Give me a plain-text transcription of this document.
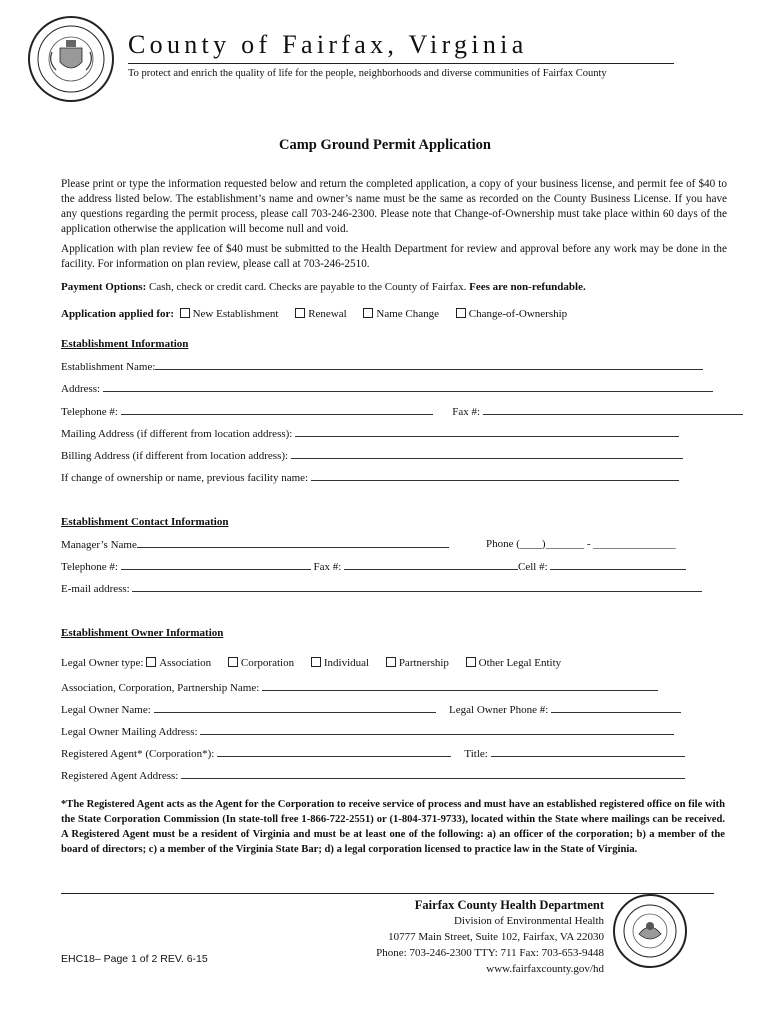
County of Fairfax, Virginia
To protect and enrich the quality of life for the people, neighborhoods and diverse communities of Fairfax County
Camp Ground Permit Application
Please print or type the information requested below and return the completed application, a copy of your business license, and permit fee of $40 to the address listed below. The establishment’s name and owner’s name must be the same as recorded on the County Business License. If you have any questions regarding the permit process, please call 703-246-2300. Please note that Change-of-Ownership must take place within 60 days of the application otherwise the application will become null and void.
Application with plan review fee of $40 must be submitted to the Health Department for review and approval before any work may be done in the facility. For information on plan review, please call at 703-246-2510.
Payment Options: Cash, check or credit card. Checks are payable to the County of Fairfax. Fees are non-refundable.
Application applied for: New Establishment	Renewal	Name Change	Change-of-Ownership
Establishment Information
Establishment Name:
Address:
Telephone #:	Fax #:
Mailing Address (if different from location address):
Billing Address (if different from location address):
If change of ownership or name, previous facility name:
Establishment Contact Information
Manager’s Name	Phone (____)_______ - _______________
Telephone #:	Fax #:	Cell #:
E-mail address:
Establishment Owner Information
Legal Owner type: Association	Corporation	Individual	Partnership	Other Legal Entity
Association, Corporation, Partnership Name:
Legal Owner Name:	Legal Owner Phone #:
Legal Owner Mailing Address:
Registered Agent* (Corporation*):	Title:
Registered Agent Address:
*The Registered Agent acts as the Agent for the Corporation to receive service of process and must have an established registered office on file with the State Corporation Commission (In state-toll free 1-866-722-2551) or (1-804-371-9733), located within the State where mailings can be received. A Registered Agent must be a resident of Virginia and must be at least one of the following: a) an officer of the corporation; b) a member of the board of directors; c) a member of the Virginia State Bar; d) a legal corporation licensed to practice law in the State of Virginia.
Fairfax County Health Department
Division of Environmental Health
10777 Main Street, Suite 102, Fairfax, VA 22030
Phone: 703-246-2300 TTY: 711 Fax: 703-653-9448
www.fairfaxcounty.gov/hd
EHC18– Page 1 of 2 REV. 6-15
